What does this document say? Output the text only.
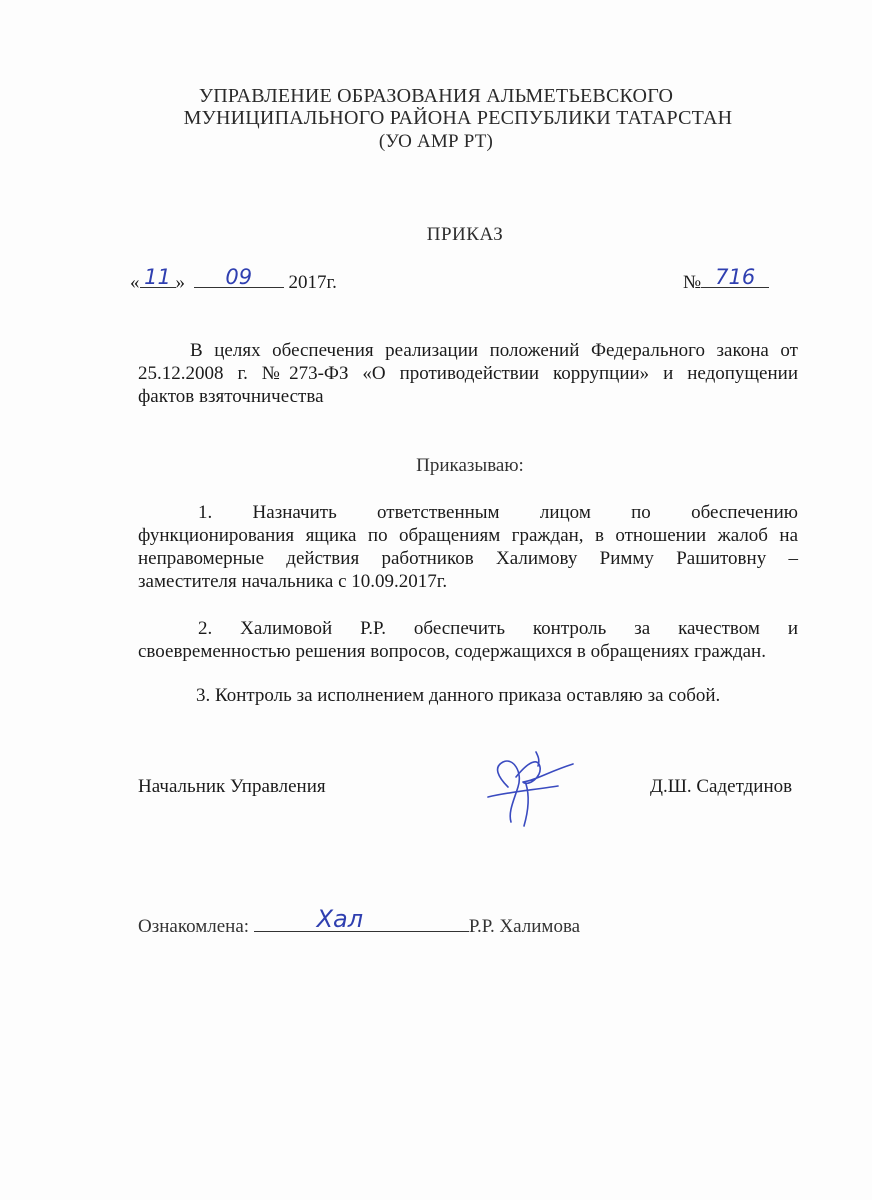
УПРАВЛЕНИЕ ОБРАЗОВАНИЯ АЛЬМЕТЬЕВСКОГО
МУНИЦИПАЛЬНОГО РАЙОНА РЕСПУБЛИКИ ТАТАРСТАН
(УО АМР РТ)
ПРИКАЗ
« 11 » 09 2017г.	№ 716
В целях обеспечения реализации положений Федерального закона от
25.12.2008 г. №273-ФЗ «О противодействии коррупции» и недопущении
фактов взяточничества
Приказываю:
1. Назначить ответственным лицом по обеспечению
функционирования ящика по обращениям граждан, в отношении жалоб на
неправомерные действия работников Халимову Римму Рашитовну –
заместителя начальника с 10.09.2017г.
2. Халимовой Р.Р. обеспечить контроль за качеством и
своевременностью решения вопросов, содержащихся в обращениях граждан.
3. Контроль за исполнением данного приказа оставляю за собой.
Начальник Управления	Д.Ш. Садетдинов
Ознакомлена:	Хал	Р.Р. Халимова
